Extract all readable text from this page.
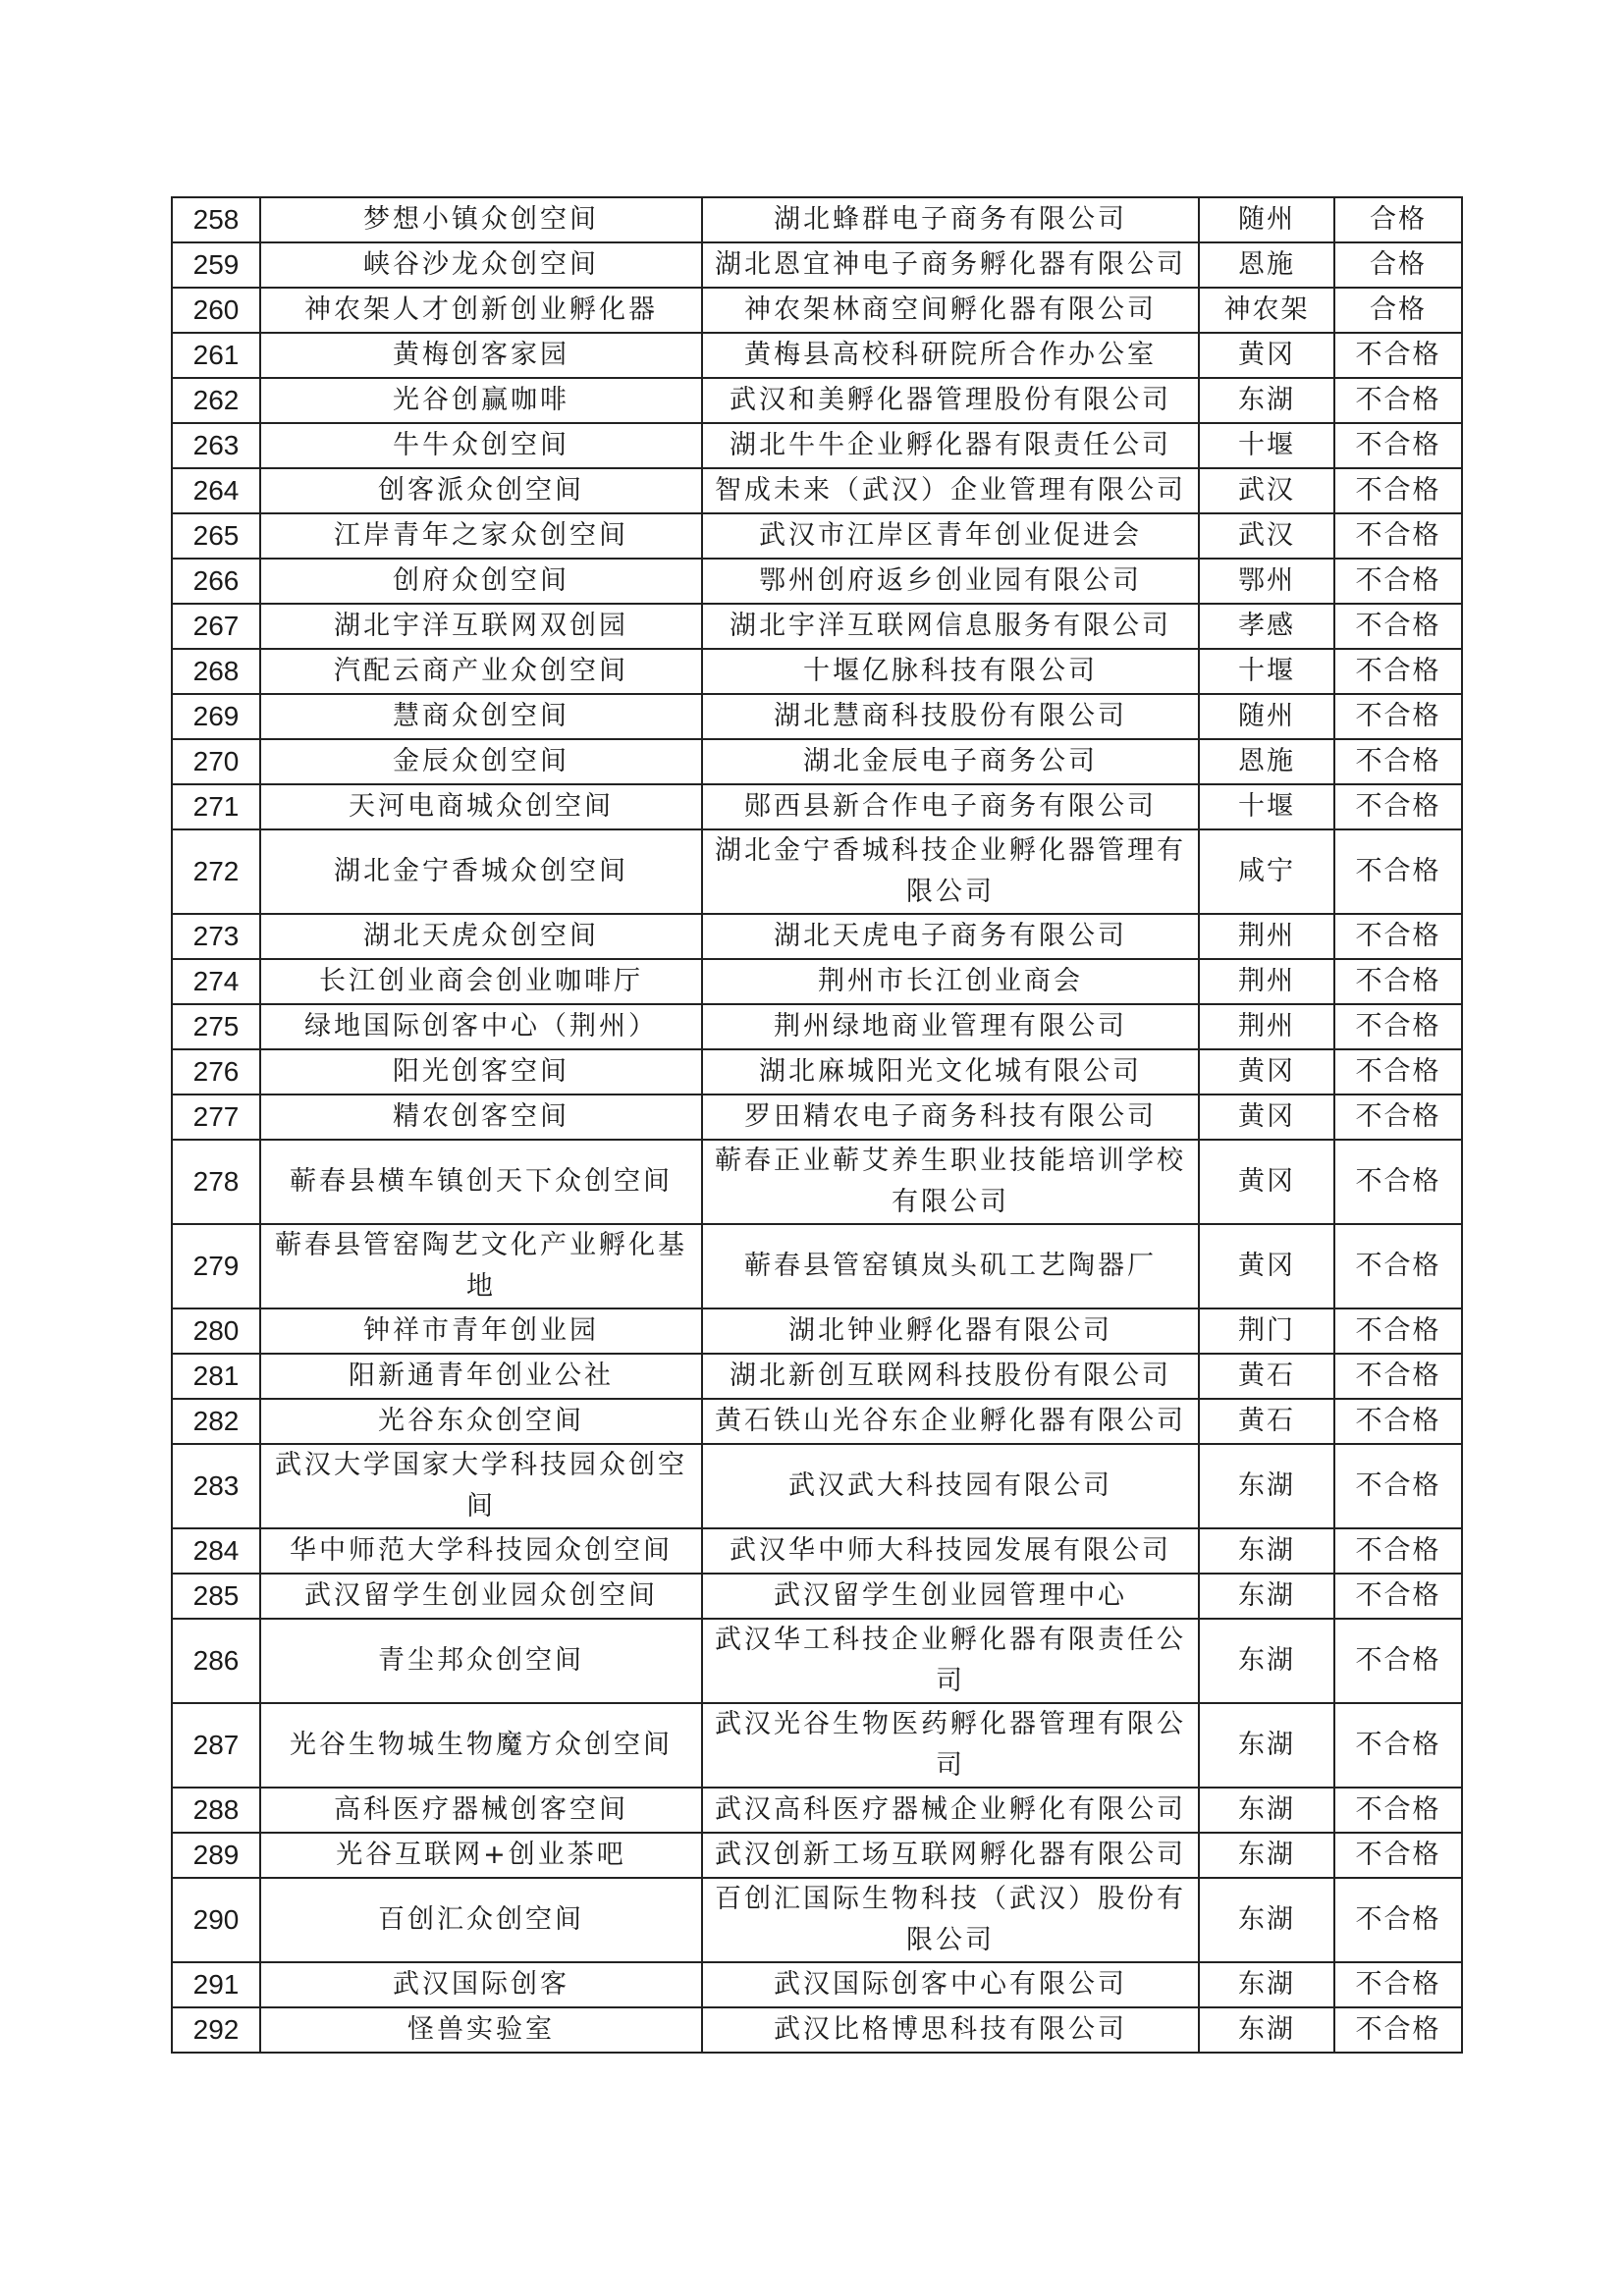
258	梦想小镇众创空间	湖北蜂群电子商务有限公司	随州	合格
259	峡谷沙龙众创空间	湖北恩宜神电子商务孵化器有限公司	恩施	合格
260	神农架人才创新创业孵化器	神农架林商空间孵化器有限公司	神农架	合格
261	黄梅创客家园	黄梅县高校科研院所合作办公室	黄冈	不合格
262	光谷创赢咖啡	武汉和美孵化器管理股份有限公司	东湖	不合格
263	牛牛众创空间	湖北牛牛企业孵化器有限责任公司	十堰	不合格
264	创客派众创空间	智成未来（武汉）企业管理有限公司	武汉	不合格
265	江岸青年之家众创空间	武汉市江岸区青年创业促进会	武汉	不合格
266	创府众创空间	鄂州创府返乡创业园有限公司	鄂州	不合格
267	湖北宇洋互联网双创园	湖北宇洋互联网信息服务有限公司	孝感	不合格
268	汽配云商产业众创空间	十堰亿脉科技有限公司	十堰	不合格
269	慧商众创空间	湖北慧商科技股份有限公司	随州	不合格
270	金辰众创空间	湖北金辰电子商务公司	恩施	不合格
271	天河电商城众创空间	郧西县新合作电子商务有限公司	十堰	不合格
272	湖北金宁香城众创空间	湖北金宁香城科技企业孵化器管理有
限公司	咸宁	不合格
273	湖北天虎众创空间	湖北天虎电子商务有限公司	荆州	不合格
274	长江创业商会创业咖啡厅	荆州市长江创业商会	荆州	不合格
275	绿地国际创客中心（荆州）	荆州绿地商业管理有限公司	荆州	不合格
276	阳光创客空间	湖北麻城阳光文化城有限公司	黄冈	不合格
277	精农创客空间	罗田精农电子商务科技有限公司	黄冈	不合格
278	蕲春县横车镇创天下众创空间	蕲春正业蕲艾养生职业技能培训学校
有限公司	黄冈	不合格
279	蕲春县管窑陶艺文化产业孵化基
地	蕲春县管窑镇岚头矶工艺陶器厂	黄冈	不合格
280	钟祥市青年创业园	湖北钟业孵化器有限公司	荆门	不合格
281	阳新通青年创业公社	湖北新创互联网科技股份有限公司	黄石	不合格
282	光谷东众创空间	黄石铁山光谷东企业孵化器有限公司	黄石	不合格
283	武汉大学国家大学科技园众创空
间	武汉武大科技园有限公司	东湖	不合格
284	华中师范大学科技园众创空间	武汉华中师大科技园发展有限公司	东湖	不合格
285	武汉留学生创业园众创空间	武汉留学生创业园管理中心	东湖	不合格
286	青尘邦众创空间	武汉华工科技企业孵化器有限责任公
司	东湖	不合格
287	光谷生物城生物魔方众创空间	武汉光谷生物医药孵化器管理有限公
司	东湖	不合格
288	高科医疗器械创客空间	武汉高科医疗器械企业孵化有限公司	东湖	不合格
289	光谷互联网+创业茶吧	武汉创新工场互联网孵化器有限公司	东湖	不合格
290	百创汇众创空间	百创汇国际生物科技（武汉）股份有
限公司	东湖	不合格
291	武汉国际创客	武汉国际创客中心有限公司	东湖	不合格
292	怪兽实验室	武汉比格博思科技有限公司	东湖	不合格
